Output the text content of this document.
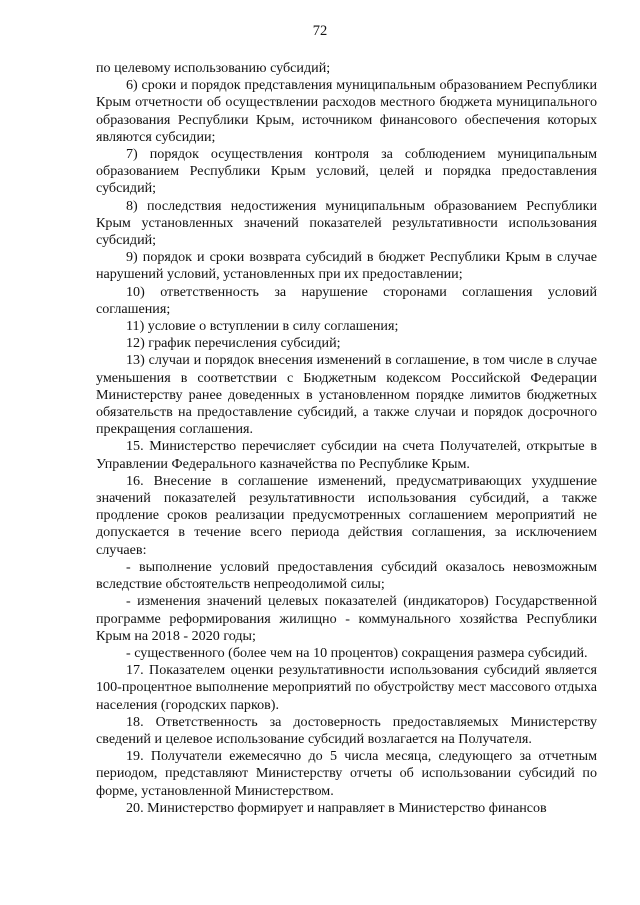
72

по целевому использованию субсидий;

6) сроки и порядок представления муниципальным образованием Республики Крым отчетности об осуществлении расходов местного бюджета муниципального образования Республики Крым, источником финансового обеспечения которых являются субсидии;

7) порядок осуществления контроля за соблюдением муниципальным образованием Республики Крым условий, целей и порядка предоставления субсидий;

8) последствия недостижения муниципальным образованием Республики Крым установленных значений показателей результативности использования субсидий;

9) порядок и сроки возврата субсидий в бюджет Республики Крым в случае нарушений условий, установленных при их предоставлении;

10) ответственность за нарушение сторонами соглашения условий соглашения;

11) условие о вступлении в силу соглашения;

12) график перечисления субсидий;

13) случаи и порядок внесения изменений в соглашение, в том числе в случае уменьшения в соответствии с Бюджетным кодексом Российской Федерации Министерству ранее доведенных в установленном порядке лимитов бюджетных обязательств на предоставление субсидий, а также случаи и порядок досрочного прекращения соглашения.

15. Министерство перечисляет субсидии на счета Получателей, открытые в Управлении Федерального казначейства по Республике Крым.

16. Внесение в соглашение изменений, предусматривающих ухудшение значений показателей результативности использования субсидий, а также продление сроков реализации предусмотренных соглашением мероприятий не допускается в течение всего периода действия соглашения, за исключением случаев:

- выполнение условий предоставления субсидий оказалось невозможным вследствие обстоятельств непреодолимой силы;

- изменения значений целевых показателей (индикаторов) Государственной программе реформирования жилищно - коммунального хозяйства Республики Крым на 2018 - 2020 годы;

- существенного (более чем на 10 процентов) сокращения размера субсидий.

17. Показателем оценки результативности использования субсидий является 100-процентное выполнение мероприятий по обустройству мест массового отдыха населения (городских парков).

18. Ответственность за достоверность предоставляемых Министерству сведений и целевое использование субсидий возлагается на Получателя.

19. Получатели ежемесячно до 5 числа месяца, следующего за отчетным периодом, представляют Министерству отчеты об использовании субсидий по форме, установленной Министерством.

20. Министерство формирует и направляет в Министерство финансов
